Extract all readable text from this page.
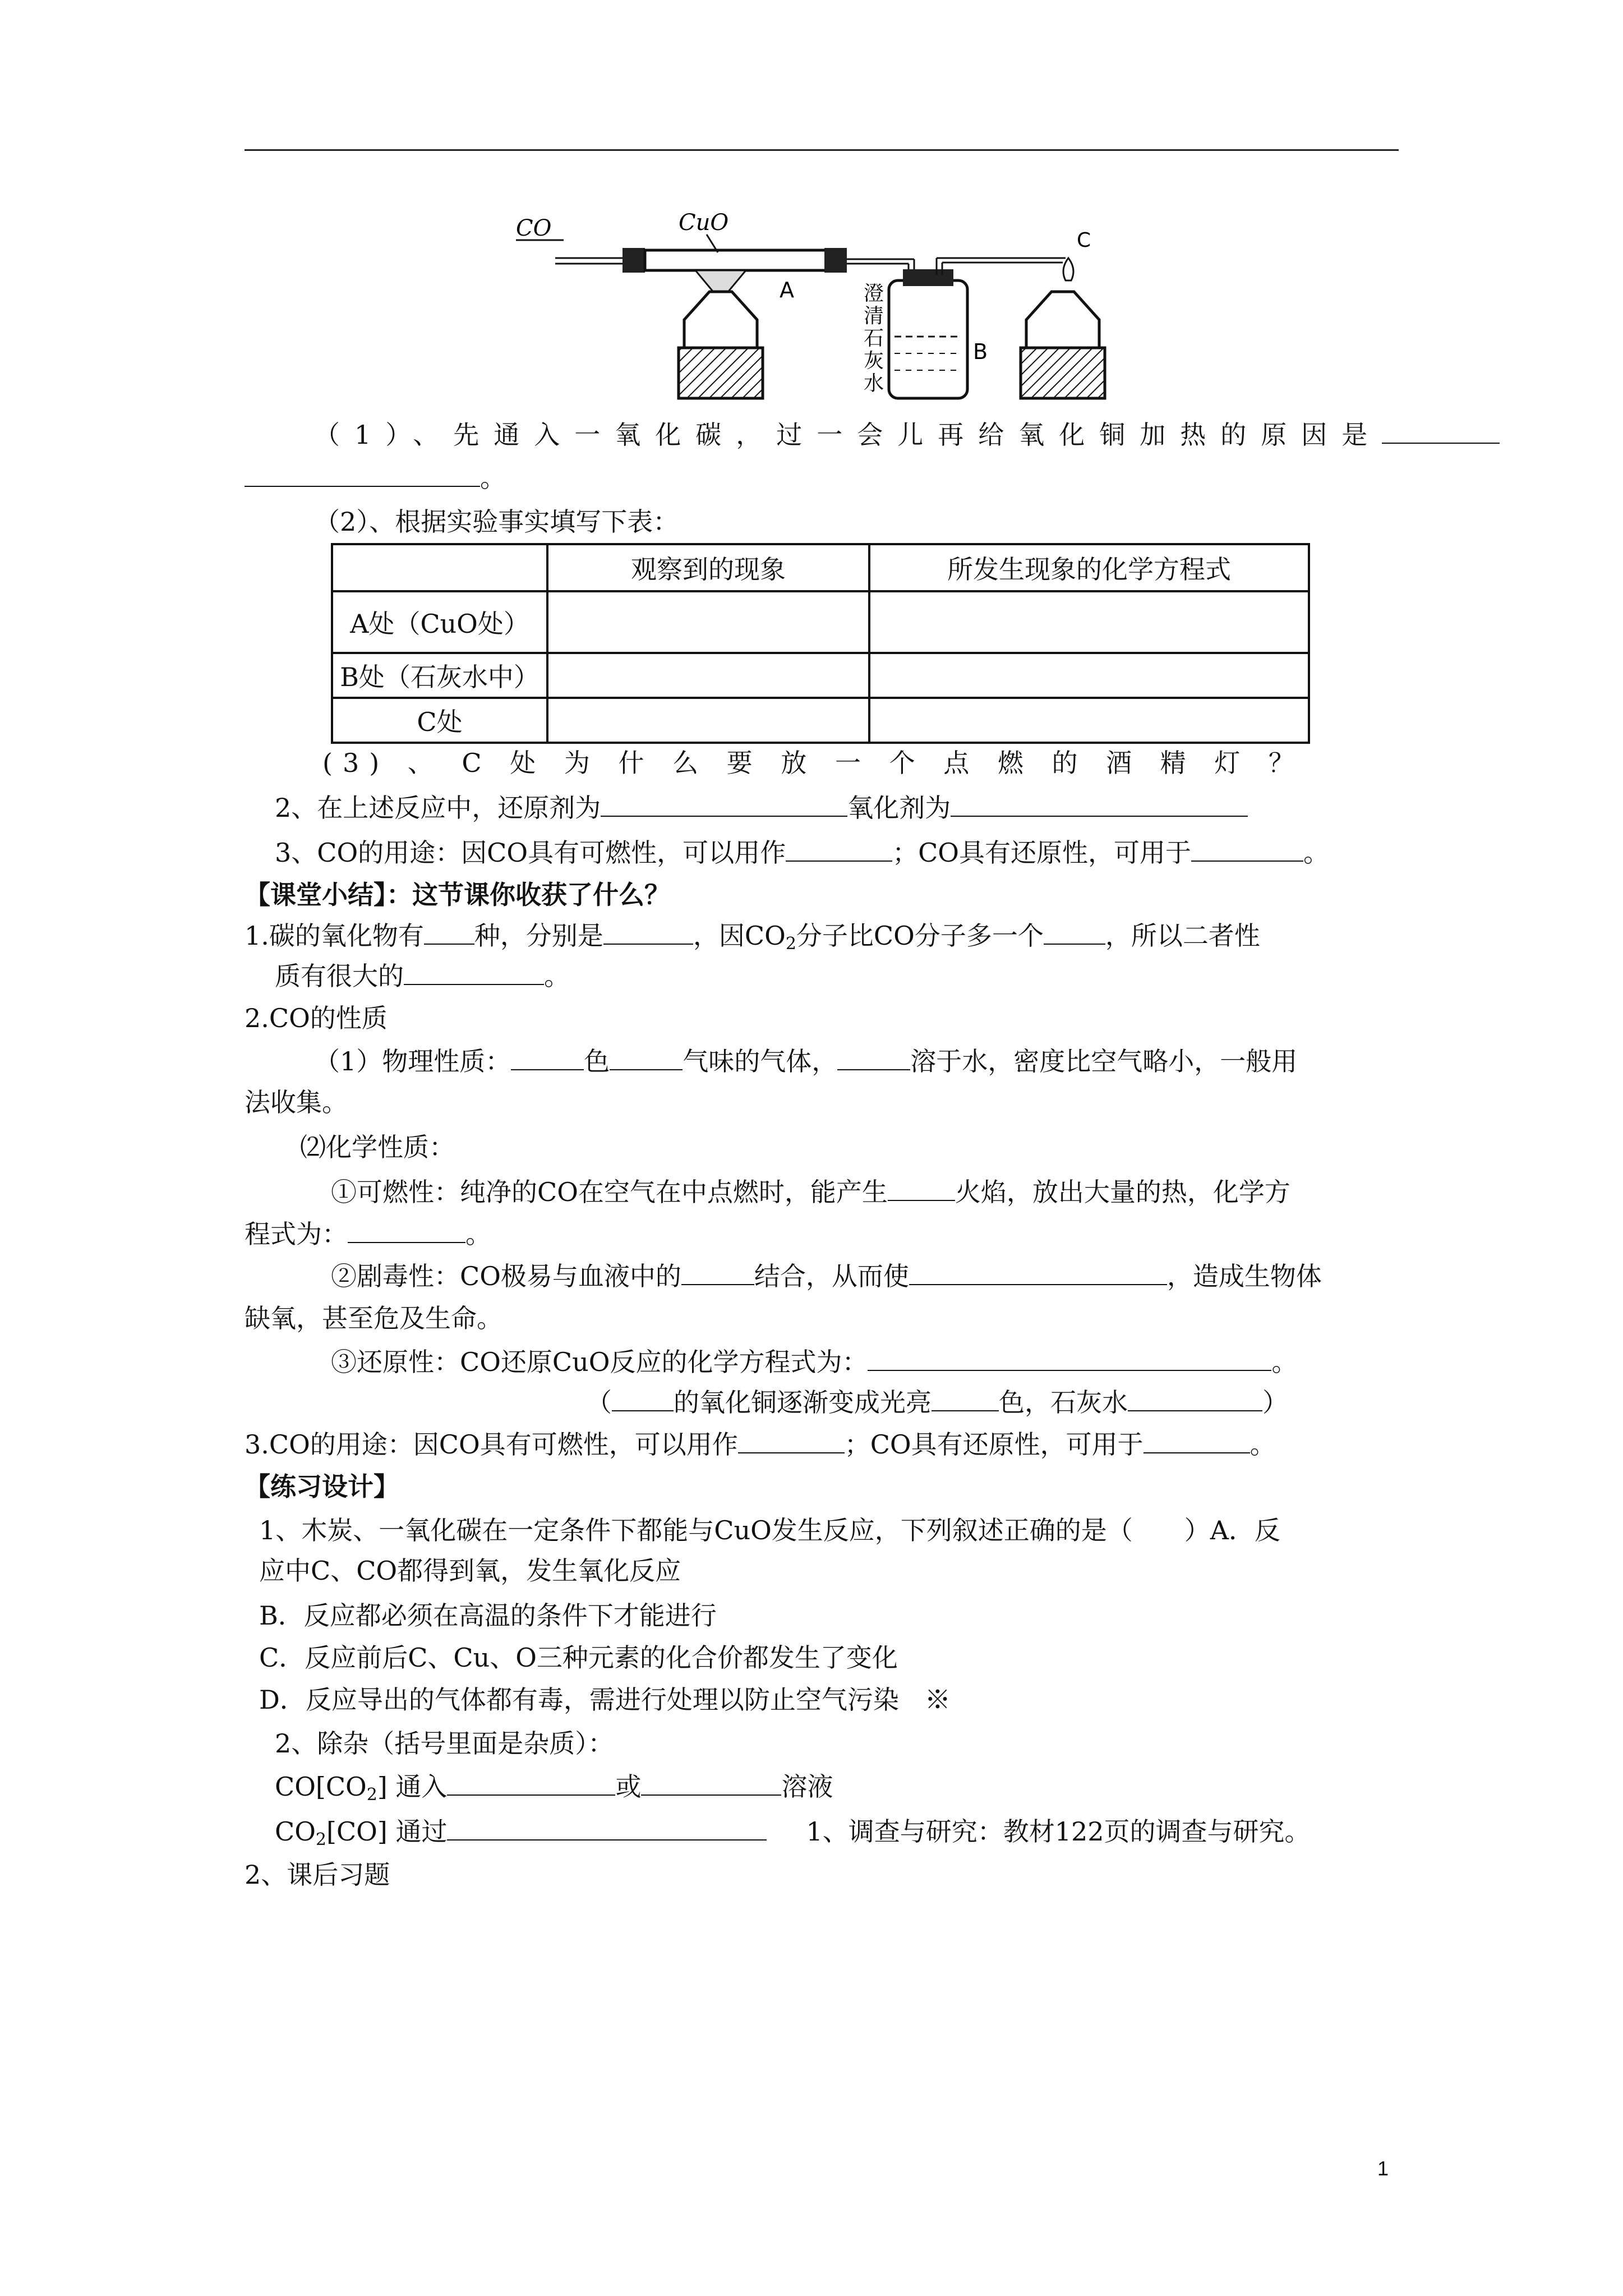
CO	CuO
A
B
澄
清
石
灰
水
C
（1）、先通入一氧化碳，过一会儿再给氧化铜加热的原因是
。
（2）、根据实验事实填写下表：
	观察到的现象	所发生现象的化学方程式
A处（CuO处）		
B处（石灰水中）		
C处		
(3) 、 C 处 为 什 么 要 放 一 个 点 燃 的 酒 精 灯 ？
2、在上述反应中，还原剂为	氧化剂为
3、CO的用途：因CO具有可燃性，可以用作	；CO具有还原性，可用于	。
【课堂小结】：这节课你收获了什么？
1.碳的氧化物有 种，分别是	，因$CO_2$分子比CO分子多一个 ，所以二者性
质有很大的	。
2.CO的性质
（1）物理性质：	色	气味的气体，	溶于水，密度比空气略小，一般用
法收集。
⑵化学性质：
①可燃性：纯净的CO在空气在中点燃时，能产生	火焰，放出大量的热，化学方
程式为：	。
②剧毒性：CO极易与血液中的	结合，从而使	，造成生物体
缺氧，甚至危及生命。
③还原性：CO还原CuO反应的化学方程式为：	。
（ 的氧化铜逐渐变成光亮	色，石灰水	）
3.CO的用途：因CO具有可燃性，可以用作	；CO具有还原性，可用于	。
【练习设计】
1、木炭、一氧化碳在一定条件下都能与CuO发生反应，下列叙述正确的是（　　）A．反
应中C、CO都得到氧，发生氧化反应
B．反应都必须在高温的条件下才能进行
C．反应前后C、Cu、O三种元素的化合价都发生了变化
D．反应导出的气体都有毒，需进行处理以防止空气污染　※
2、除杂（括号里面是杂质）：
$CO[CO_2]$ 通入	或	溶液
$CO_2[CO]$ 通过	1、调查与研究：教材122页的调查与研究。
2、课后习题
1
